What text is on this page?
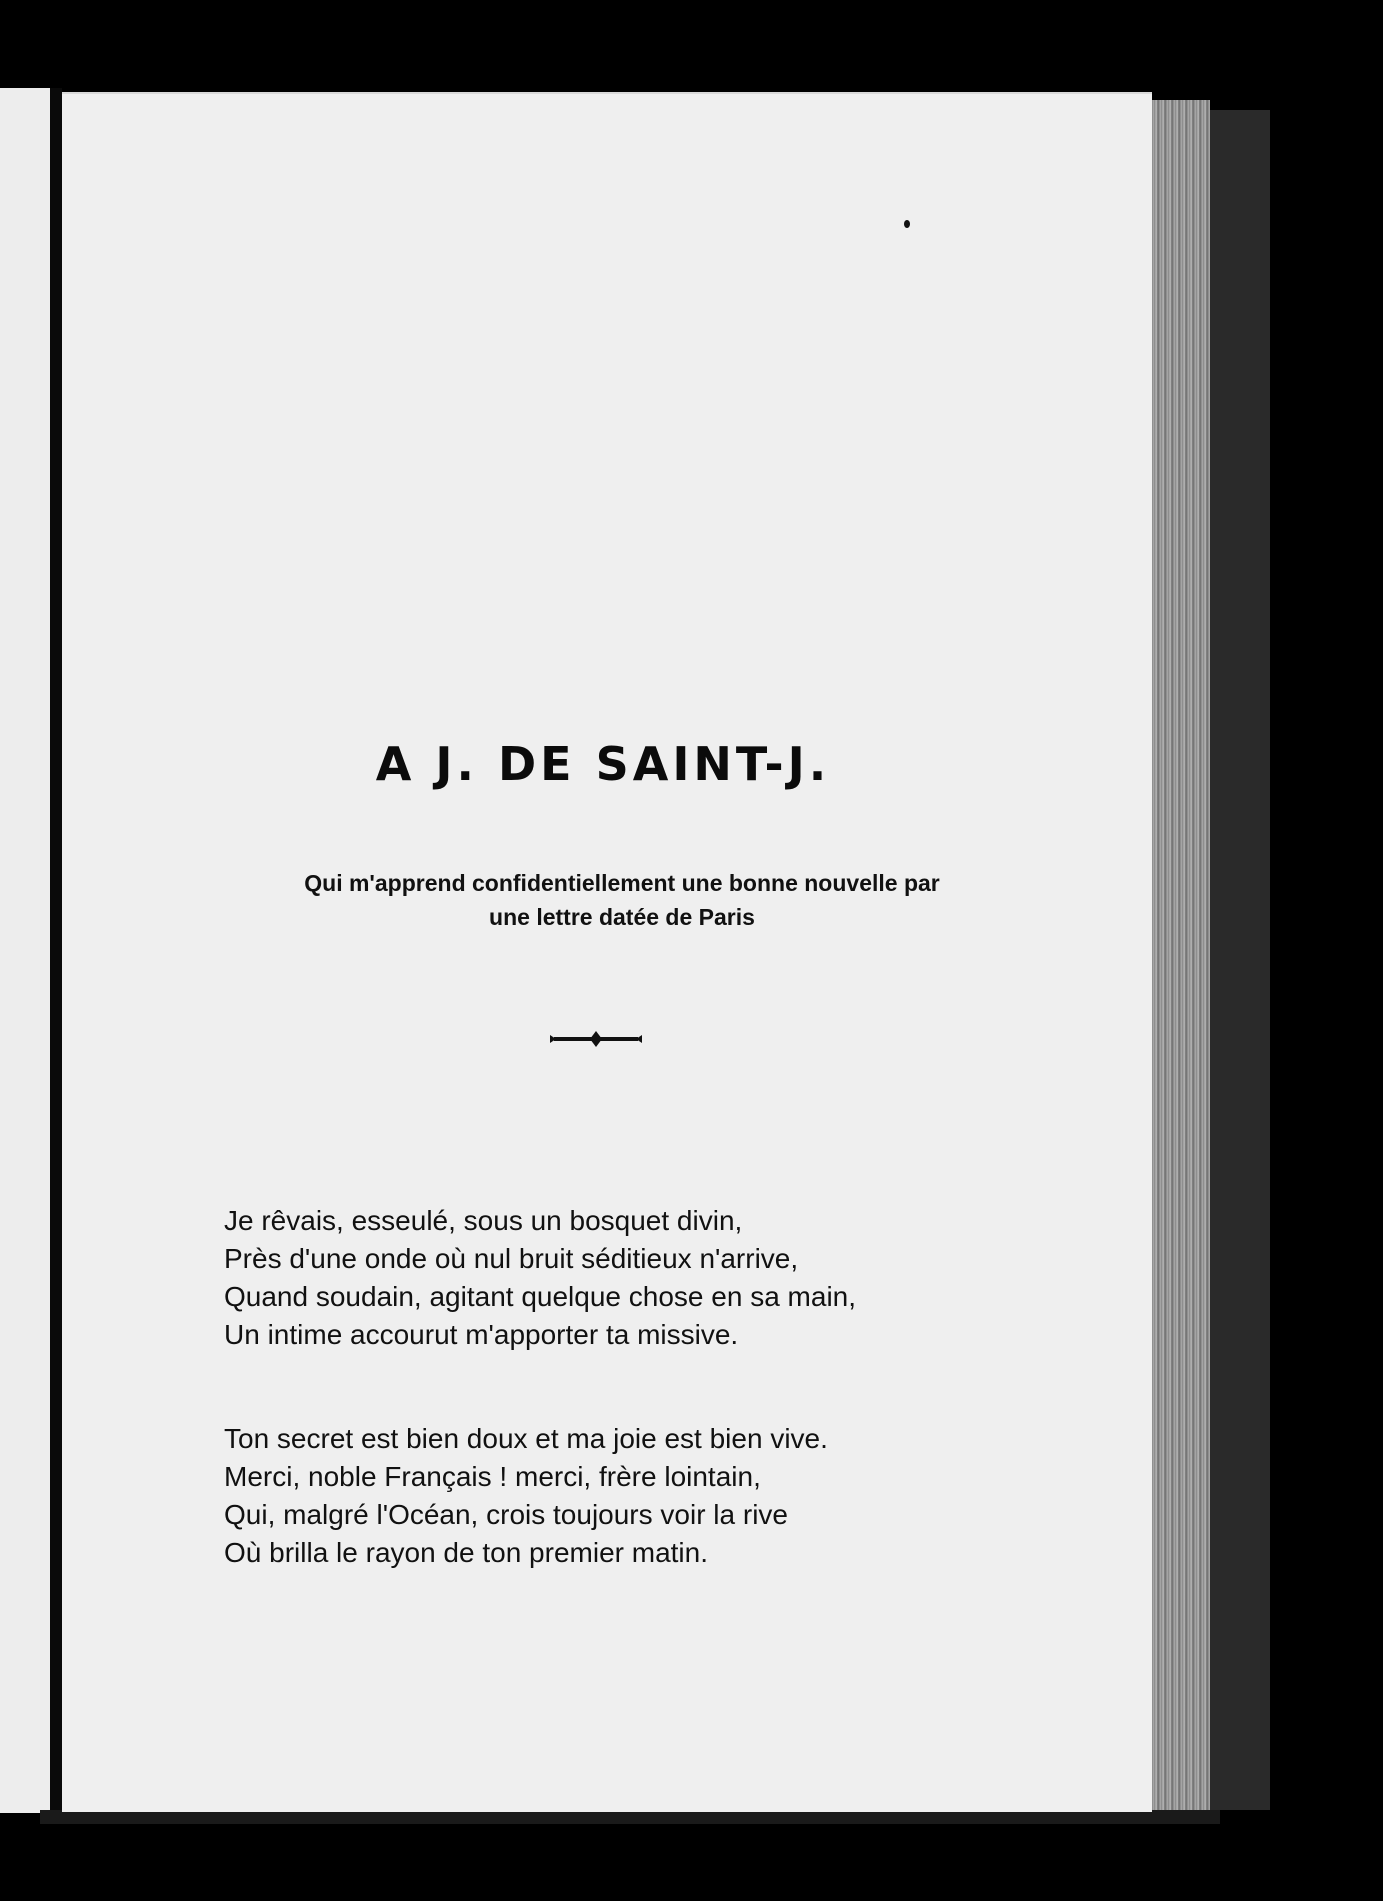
A J. DE SAINT-J.
Qui m'apprend confidentiellement une bonne nouvelle par
une lettre datée de Paris
Je rêvais, esseulé, sous un bosquet divin,
Près d'une onde où nul bruit séditieux n'arrive,
Quand soudain, agitant quelque chose en sa main,
Un intime accourut m'apporter ta missive.
Ton secret est bien doux et ma joie est bien vive.
Merci, noble Français ! merci, frère lointain,
Qui, malgré l'Océan, crois toujours voir la rive
Où brilla le rayon de ton premier matin.
